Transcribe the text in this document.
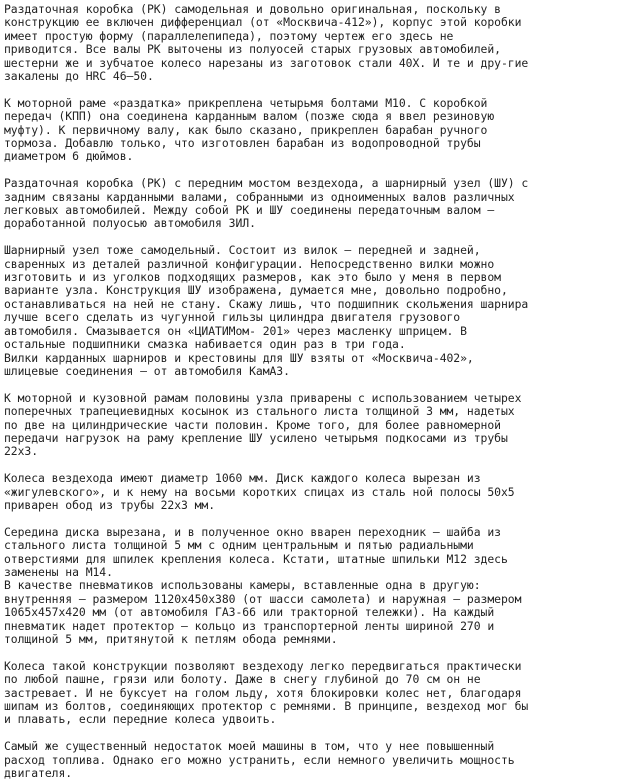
Раздаточная коробка (РК) самодельная и довольно оригинальная, поскольку в
конструкцию ее включен дифференциал (от «Москвича-412»), корпус этой коробки
имеет простую форму (параллелепипеда), поэтому чертеж его здесь не
приводится. Все валы РК выточены из полуосей старых грузовых автомобилей,
шестерни же и зубчатое колесо нарезаны из заготовок стали 40Х. И те и дру-гие
закалены до HRC 46–50.
К моторной раме «раздатка» прикреплена четырьмя болтами М10. С коробкой
передач (КПП) она соединена карданным валом (позже сюда я ввел резиновую
муфту). К первичному валу, как было сказано, прикреплен барабан ручного
тормоза. Добавлю только, что изготовлен барабан из водопроводной трубы
диаметром 6 дюймов.
Раздаточная коробка (РК) с передним мостом вездехода, а шарнирный узел (ШУ) с
задним связаны карданными валами, собранными из одноименных валов различных
легковых автомобилей. Между собой РК и ШУ соединены передаточным валом –
доработанной полуосью автомобиля ЗИЛ.
Шарнирный узел тоже самодельный. Состоит из вилок – передней и задней,
сваренных из деталей различной конфигурации. Непосредственно вилки можно
изготовить и из уголков подходящих размеров, как это было у меня в первом
варианте узла. Конструкция ШУ изображена, думается мне, довольно подробно,
останавливаться на ней не стану. Скажу лишь, что подшипник скольжения шарнира
лучше всего сделать из чугунной гильзы цилиндра двигателя грузового
автомобиля. Смазывается он «ЦИАТИМом- 201» через масленку шприцем. В
остальные подшипники смазка набивается один раз в три года.
Вилки карданных шарниров и крестовины для ШУ взяты от «Москвича-402»,
шлицевые соединения – от автомобиля КамАЗ.
К моторной и кузовной рамам половины узла приварены с использованием четырех
поперечных трапециевидных косынок из стального листа толщиной 3 мм, надетых
по две на цилиндрические части половин. Кроме того, для более равномерной
передачи нагрузок на раму крепление ШУ усилено четырьмя подкосами из трубы
22х3.
Колеса вездехода имеют диаметр 1060 мм. Диск каждого колеса вырезан из
«жигулевского», и к нему на восьми коротких спицах из сталь ной полосы 50х5
приварен обод из трубы 22х3 мм.
Середина диска вырезана, и в полученное окно вварен переходник – шайба из
стального листа толщиной 5 мм с одним центральным и пятью радиальными
отверстиями для шпилек крепления колеса. Кстати, штатные шпильки М12 здесь
заменены на М14.
В качестве пневматиков использованы камеры, вставленные одна в другую:
внутренняя – размером 1120х450х380 (от шасси самолета) и наружная – размером
1065х457х420 мм (от автомобиля ГАЗ-66 или тракторной тележки). На каждый
пневматик надет протектор – кольцо из транспортерной ленты шириной 270 и
толщиной 5 мм, притянутой к петлям обода ремнями.
Колеса такой конструкции позволяют вездеходу легко передвигаться практически
по любой пашне, грязи или болоту. Даже в снегу глубиной до 70 см он не
застревает. И не буксует на голом льду, хотя блокировки колес нет, благодаря
шипам из болтов, соединяющих протектор с ремнями. В принципе, вездеход мог бы
и плавать, если передние колеса удвоить.
Самый же существенный недостаток моей машины в том, что у нее повышенный
расход топлива. Однако его можно устранить, если немного увеличить мощность
двигателя.
